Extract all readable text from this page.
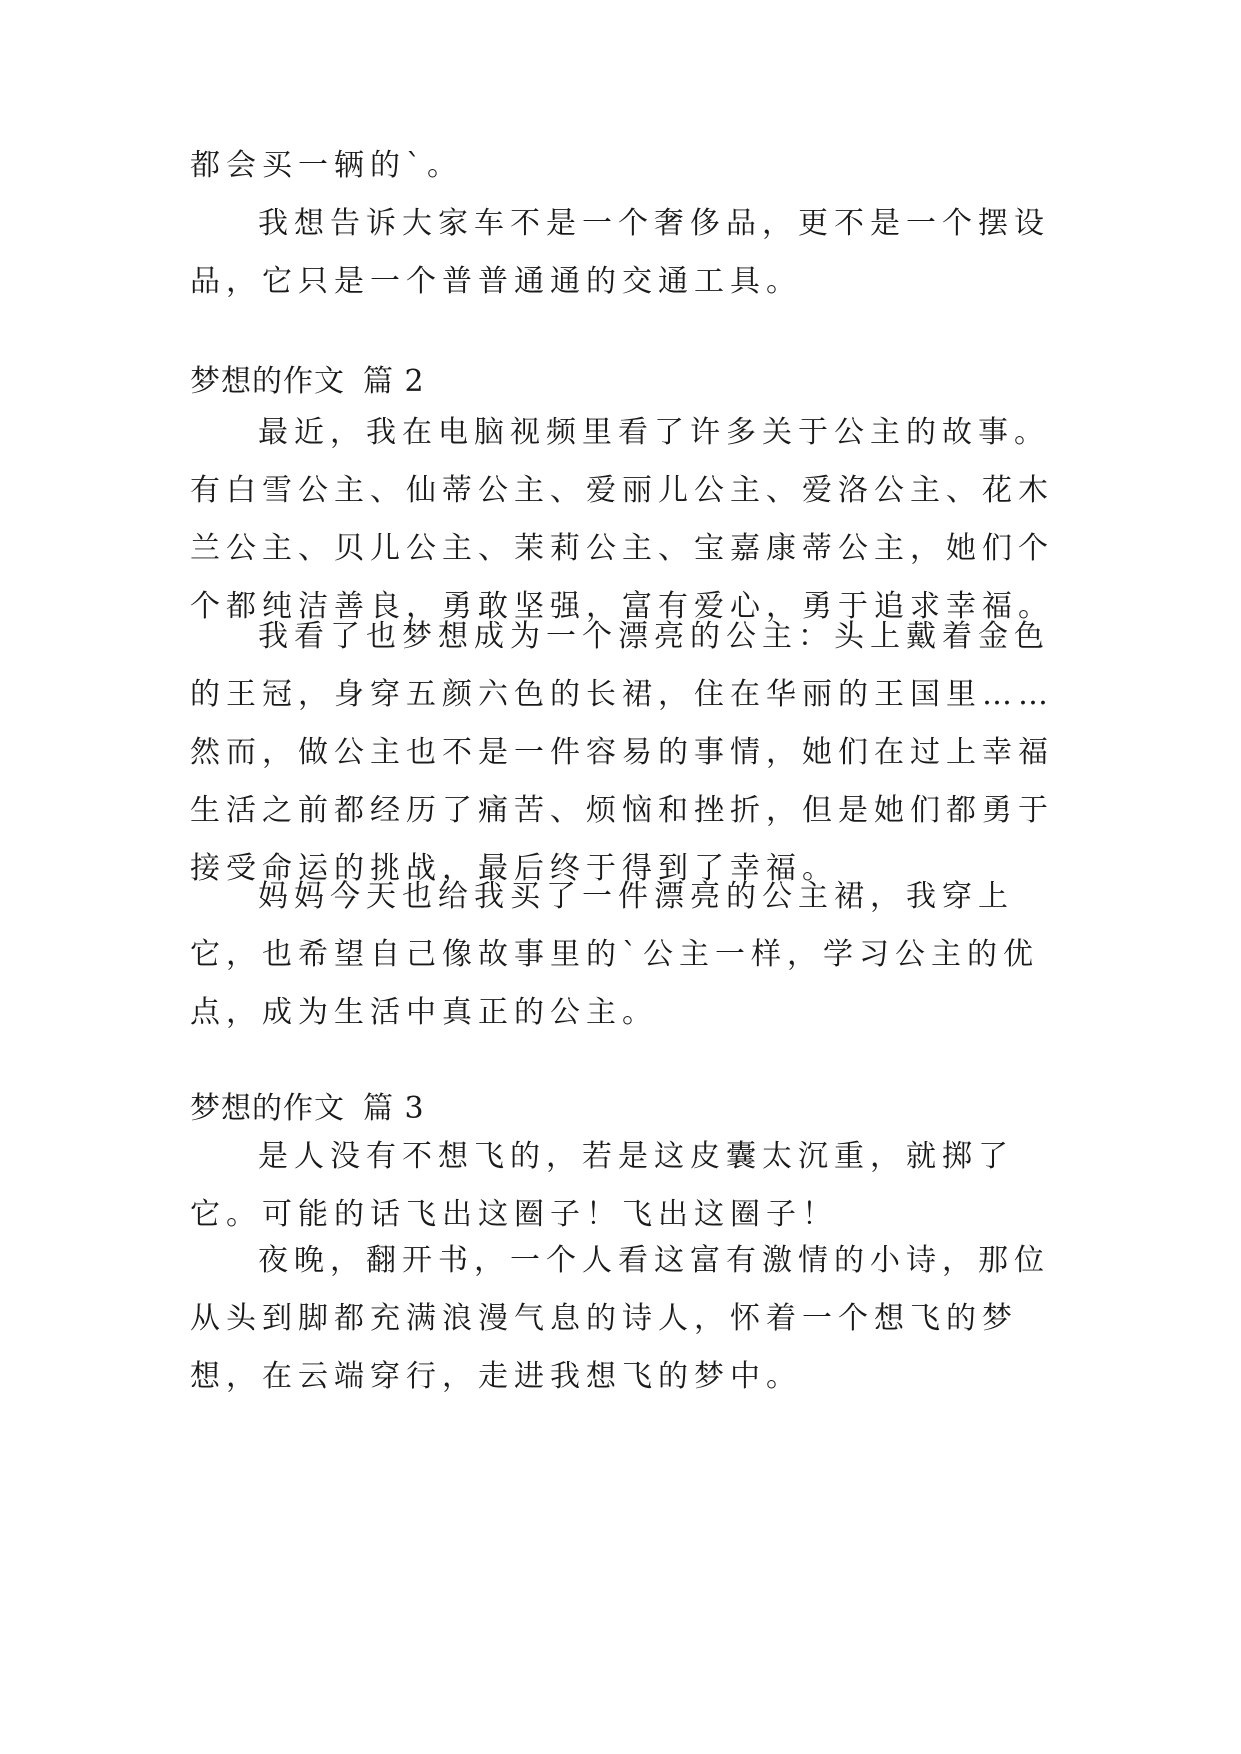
都会买一辆的`。

我想告诉大家车不是一个奢侈品，更不是一个摆设品，它只是一个普普通通的交通工具。

梦想的作文 篇 2

最近，我在电脑视频里看了许多关于公主的故事。有白雪公主、仙蒂公主、爱丽儿公主、爱洛公主、花木兰公主、贝儿公主、茉莉公主、宝嘉康蒂公主，她们个个都纯洁善良，勇敢坚强，富有爱心，勇于追求幸福。

我看了也梦想成为一个漂亮的公主：头上戴着金色的王冠，身穿五颜六色的长裙，住在华丽的王国里……然而，做公主也不是一件容易的事情，她们在过上幸福生活之前都经历了痛苦、烦恼和挫折，但是她们都勇于接受命运的挑战，最后终于得到了幸福。

妈妈今天也给我买了一件漂亮的公主裙，我穿上它，也希望自己像故事里的`公主一样，学习公主的优点，成为生活中真正的公主。

梦想的作文 篇 3

是人没有不想飞的，若是这皮囊太沉重，就掷了它。可能的话飞出这圈子！飞出这圈子！

夜晚，翻开书，一个人看这富有激情的小诗，那位从头到脚都充满浪漫气息的诗人，怀着一个想飞的梦想，在云端穿行，走进我想飞的梦中。
